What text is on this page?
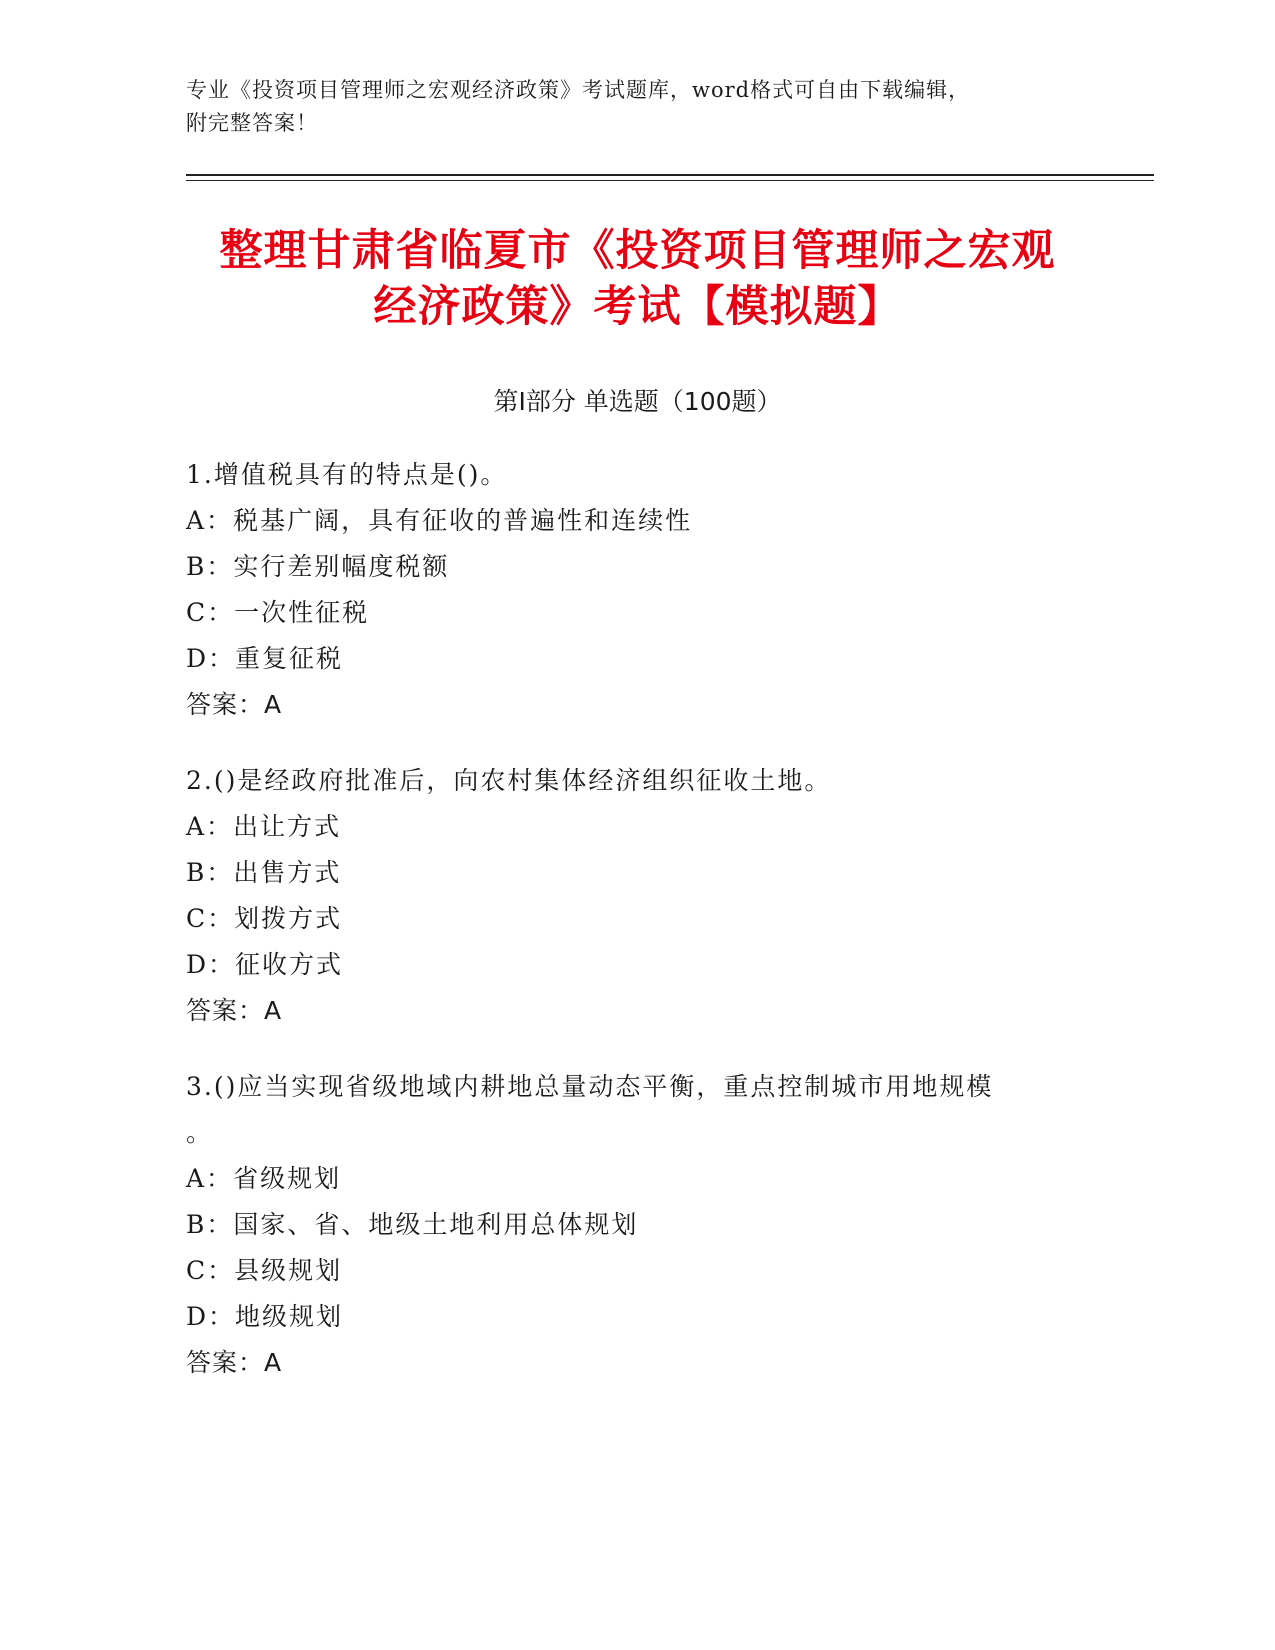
专业《投资项目管理师之宏观经济政策》考试题库，word格式可自由下载编辑，
附完整答案！
整理甘肃省临夏市《投资项目管理师之宏观
经济政策》考试【模拟题】
第Ⅰ部分 单选题（100题）
1.增值税具有的特点是()。
A：税基广阔，具有征收的普遍性和连续性
B：实行差别幅度税额
C：一次性征税
D：重复征税
答案：A
2.()是经政府批准后，向农村集体经济组织征收土地。
A：出让方式
B：出售方式
C：划拨方式
D：征收方式
答案：A
3.()应当实现省级地域内耕地总量动态平衡，重点控制城市用地规模
。
A：省级规划
B：国家、省、地级土地利用总体规划
C：县级规划
D：地级规划
答案：A
